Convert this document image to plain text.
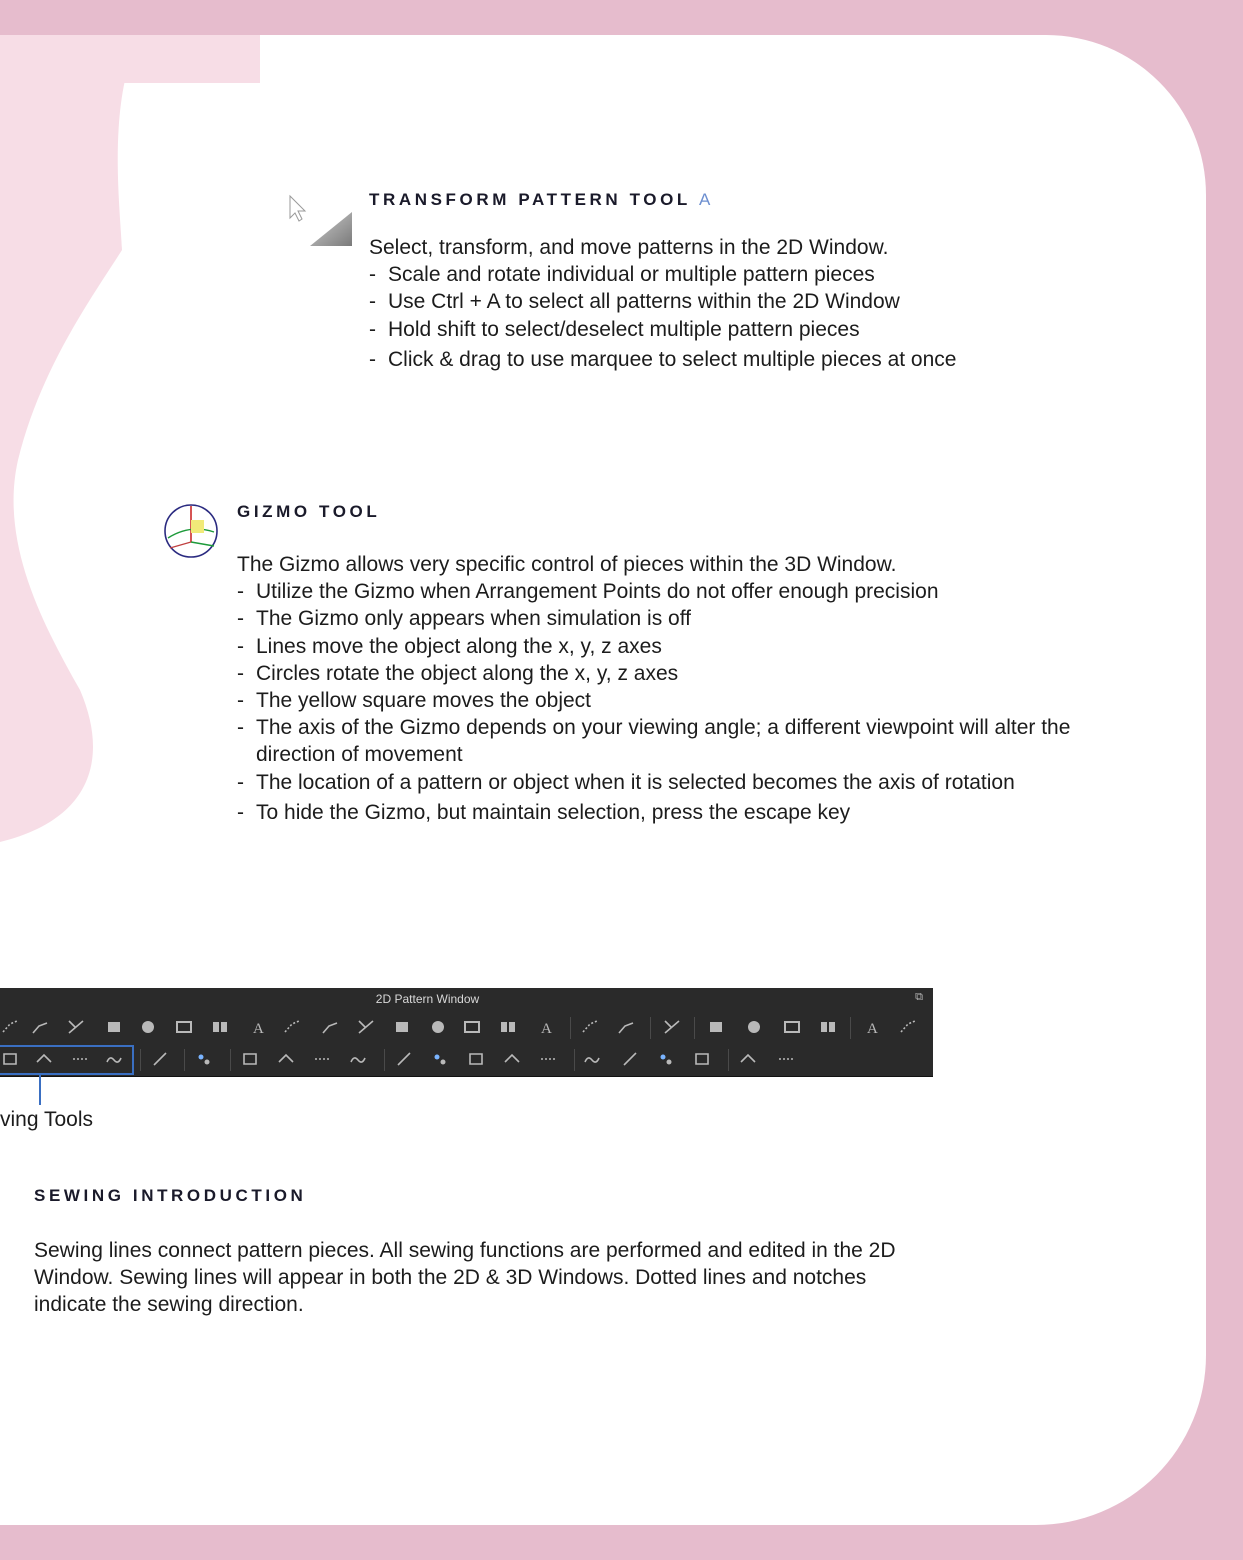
TRANSFORM PATTERN TOOL A
Select, transform, and move patterns in the 2D Window.
- Scale and rotate individual or multiple pattern pieces
- Use Ctrl + A to select all patterns within the 2D Window
- Hold shift to select/deselect multiple pattern pieces
- Click & drag to use marquee to select multiple pieces at once
GIZMO TOOL
The Gizmo allows very specific control of pieces within the 3D Window.
- Utilize the Gizmo when Arrangement Points do not offer enough precision
- The Gizmo only appears when simulation is off
- Lines move the object along the x, y, z axes
- Circles rotate the object along the x, y, z axes
- The yellow square moves the object
- The axis of the Gizmo depends on your viewing angle; a different viewpoint will alter the direction of movement
- The location of a pattern or object when it is selected becomes the axis of rotation
- To hide the Gizmo, but maintain selection, press the escape key
2D Pattern Window	⧉
A	A	A
ving Tools
SEWING INTRODUCTION
Sewing lines connect pattern pieces. All sewing functions are performed and edited in the 2D Window. Sewing lines will appear in both the 2D & 3D Windows. Dotted lines and notches indicate the sewing direction.
